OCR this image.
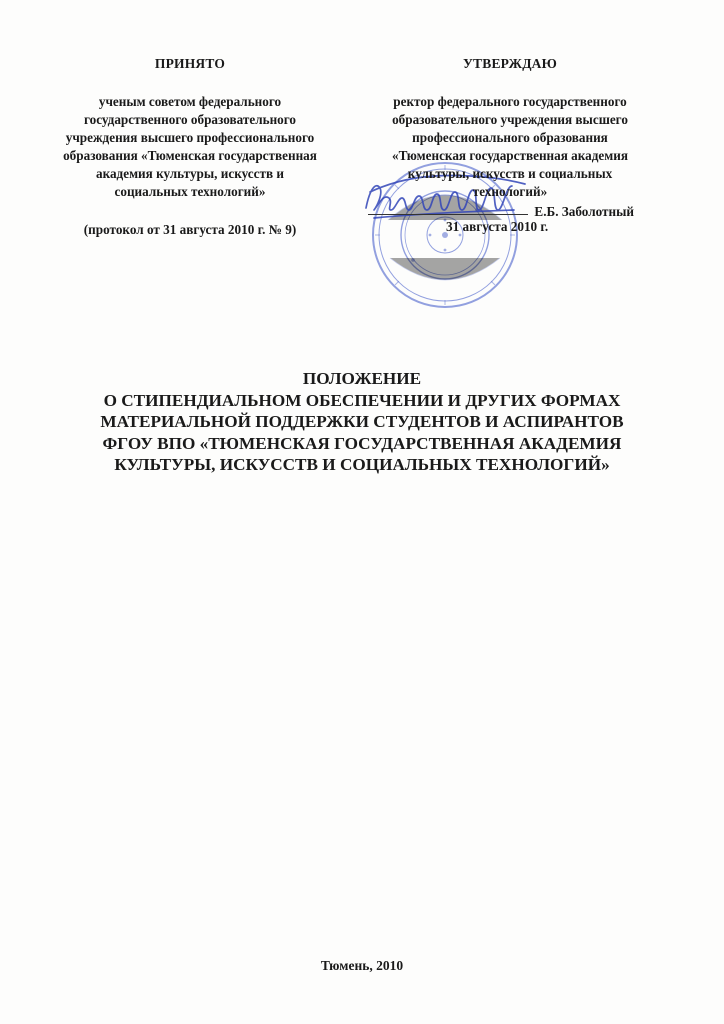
ПРИНЯТО
ученым советом федерального
государственного образовательного
учреждения высшего профессионального
образования «Тюменская государственная
академия культуры, искусств и
социальных технологий»
(протокол от 31 августа 2010 г. № 9)
УТВЕРЖДАЮ
ректор федерального государственного
образовательного учреждения высшего
профессионального образования
«Тюменская государственная академия
культуры, искусств и социальных
технологий»
Е.Б. Заболотный
31 августа 2010 г.
ПОЛОЖЕНИЕ
О СТИПЕНДИАЛЬНОМ ОБЕСПЕЧЕНИИ И ДРУГИХ ФОРМАХ
МАТЕРИАЛЬНОЙ ПОДДЕРЖКИ СТУДЕНТОВ И АСПИРАНТОВ
ФГОУ ВПО «ТЮМЕНСКАЯ ГОСУДАРСТВЕННАЯ АКАДЕМИЯ
КУЛЬТУРЫ, ИСКУССТВ И СОЦИАЛЬНЫХ ТЕХНОЛОГИЙ»
Тюмень, 2010
